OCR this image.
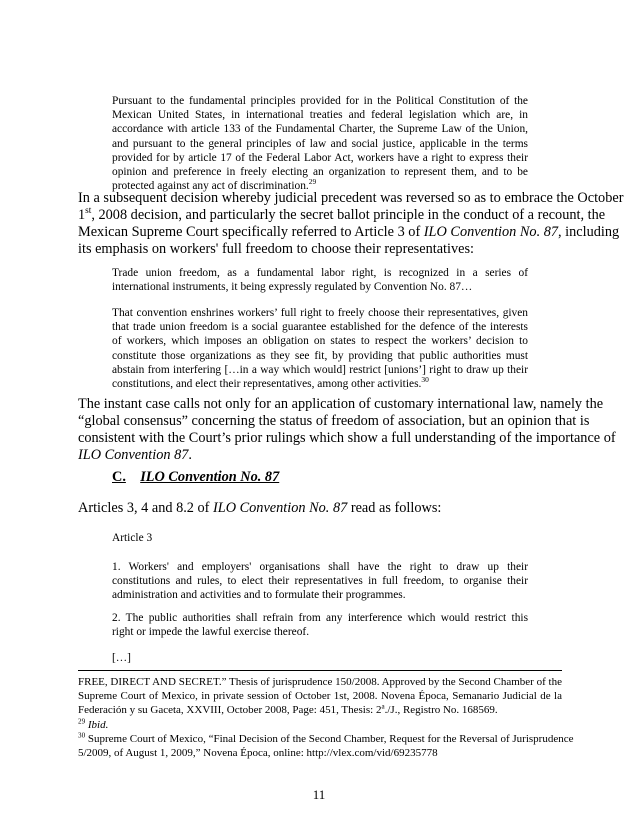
Pursuant to the fundamental principles provided for in the Political Constitution of the
Mexican United States, in international treaties and federal legislation which are, in
accordance with article 133 of the Fundamental Charter, the Supreme Law of the Union,
and pursuant to the general principles of law and social justice, applicable in the terms
provided for by article 17 of the Federal Labor Act, workers have a right to express their
opinion and preference in freely electing an organization to represent them, and to be
protected against any act of discrimination.$^{29}$
In a subsequent decision whereby judicial precedent was reversed so as to embrace the October
1st, 2008 decision, and particularly the secret ballot principle in the conduct of a recount, the
Mexican Supreme Court specifically referred to Article 3 of ILO Convention No. 87, including
its emphasis on workers' full freedom to choose their representatives:
Trade union freedom, as a fundamental labor right, is recognized in a series of
international instruments, it being expressly regulated by Convention No. 87…
That convention enshrines workers’ full right to freely choose their representatives, given
that trade union freedom is a social guarantee established for the defence of the interests
of workers, which imposes an obligation on states to respect the workers’ decision to
constitute those organizations as they see fit, by providing that public authorities must
abstain from interfering […in a way which would] restrict [unions’] right to draw up their
constitutions, and elect their representatives, among other activities.$^{30}$
The instant case calls not only for an application of customary international law, namely the
“global consensus” concerning the status of freedom of association, but an opinion that is
consistent with the Court’s prior rulings which show a full understanding of the importance of
ILO Convention 87.
C. ILO Convention No. 87
Articles 3, 4 and 8.2 of ILO Convention No. 87 read as follows:
Article 3
1. Workers' and employers' organisations shall have the right to draw up their
constitutions and rules, to elect their representatives in full freedom, to organise their
administration and activities and to formulate their programmes.
2. The public authorities shall refrain from any interference which would restrict this
right or impede the lawful exercise thereof.
[…]
FREE, DIRECT AND SECRET.” Thesis of jurisprudence 150/2008. Approved by the Second Chamber of the
Supreme Court of Mexico, in private session of October 1st, 2008. Novena Época, Semanario Judicial de la
Federación y su Gaceta, XXVIII, October 2008, Page: 451, Thesis: 2$^a$./J., Registro No. 168569.
$^{29}$ Ibid.
$^{30}$ Supreme Court of Mexico, “Final Decision of the Second Chamber, Request for the Reversal of Jurisprudence
5/2009, of August 1, 2009,” Novena Época, online: http://vlex.com/vid/69235778
11
